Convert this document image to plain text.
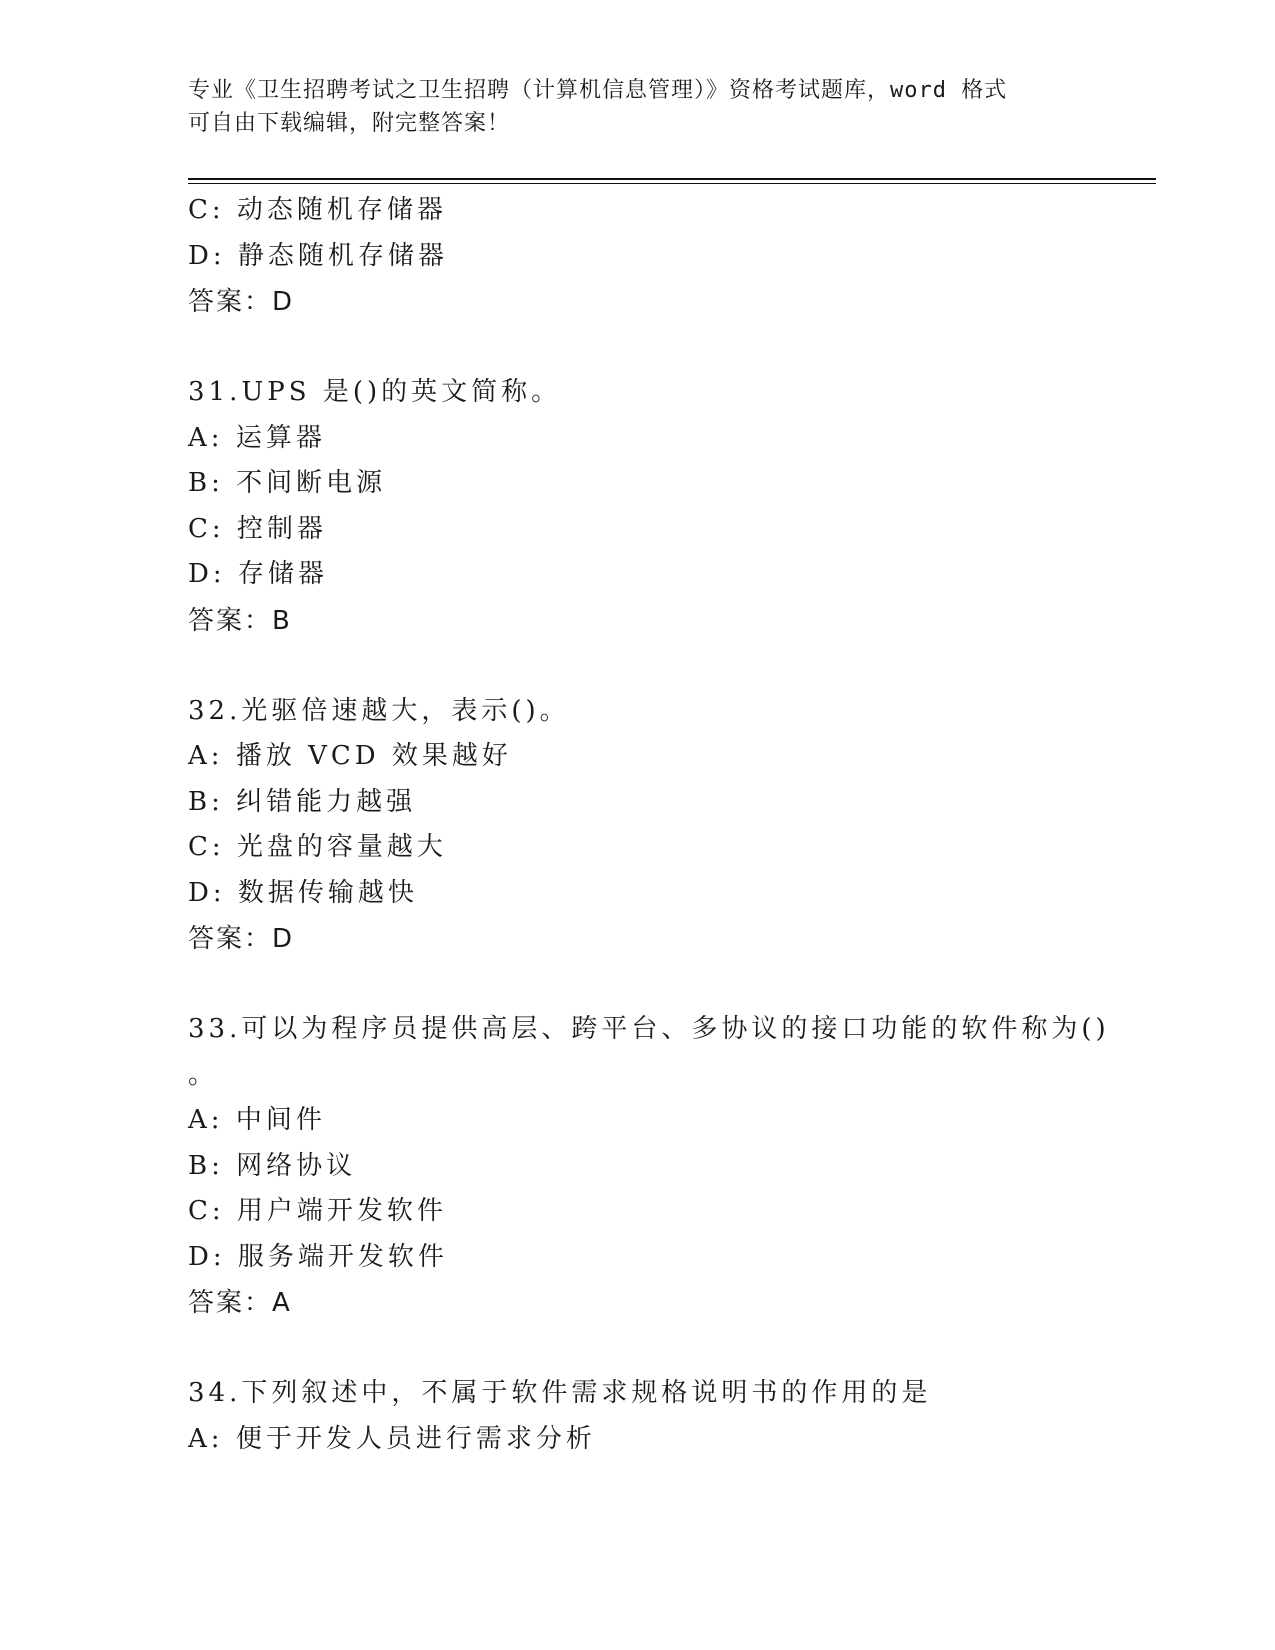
专业《卫生招聘考试之卫生招聘（计算机信息管理）》资格考试题库，word 格式
可自由下载编辑，附完整答案！
C: 动态随机存储器
D: 静态随机存储器
答案：D
31.UPS 是()的英文简称。
A: 运算器
B: 不间断电源
C: 控制器
D: 存储器
答案：B
32.光驱倍速越大，表示()。
A: 播放 VCD 效果越好
B: 纠错能力越强
C: 光盘的容量越大
D: 数据传输越快
答案：D
33.可以为程序员提供高层、跨平台、多协议的接口功能的软件称为()
。
A: 中间件
B: 网络协议
C: 用户端开发软件
D: 服务端开发软件
答案：A
34.下列叙述中，不属于软件需求规格说明书的作用的是
A: 便于开发人员进行需求分析
